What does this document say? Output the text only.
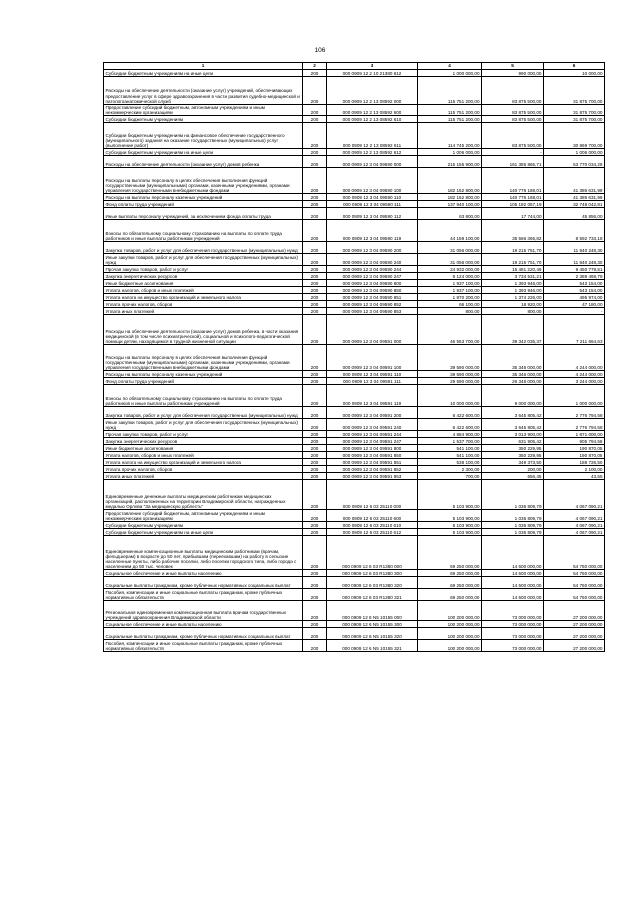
106
1	2	3	4	5	6
Субсидии бюджетным учреждениям на иные цели	200	000 0909 12 2 10 21380 612	1 000 000,00	990 000,00	10 000,00
Расходы на обеспечение деятельности (оказание услуг) учреждений, обеспечивающих предоставление услуг в сфере здравоохранения в части развития судебно-медицинской и патологоанатомической служб	200	000 0909 12 2 13 08592 000	115 751 200,00	83 875 500,00	31 875 700,00
Предоставление субсидий бюджетным, автономным учреждениям и иным некоммерческим организациям	200	000 0909 12 2 13 08592 600	115 751 200,00	83 875 500,00	31 875 700,00
Субсидии бюджетным учреждениям	200	000 0909 12 2 13 08592 610	115 751 200,00	83 875 500,00	31 875 700,00
Субсидии бюджетным учреждениям на финансовое обеспечение государственного (муниципального) задания на оказание государственных (муниципальных) услуг (выполнение работ)	200	000 0909 12 2 13 08592 611	114 745 200,00	83 875 500,00	30 869 700,00
Субсидии бюджетным учреждениям на иные цели	200	000 0909 12 2 13 08592 612	1 006 000,00	-	1 006 000,00
Расходы на обеспечение деятельности (оказание услуг) домов ребенка	200	000 0909 12 3 04 09590 000	215 155 900,00	161 385 865,71	53 770 034,29
Расходы на выплаты персоналу в целях обеспечения выполнения функций государственными (муниципальными) органами, казенными учреждениями, органами управления государственными внебюджетными фондами	200	000 0909 12 3 04 09590 100	182 162 800,00	140 776 168,01	41 386 631,99
Расходы на выплаты персоналу казенных учреждений	200	000 0909 12 3 04 09590 110	182 162 800,00	140 776 168,01	41 386 631,99
Фонд оплаты труда учреждений	200	000 0909 12 3 04 09590 111	137 940 100,00	105 192 057,19	32 748 042,81
Иные выплаты персоналу учреждений, за исключением фонда оплаты труда	200	000 0909 12 3 04 09590 112	63 800,00	17 744,00	45 856,00
Взносы по обязательному социальному страхованию на выплаты по оплате труда работников и иные выплаты работникам учреждений	200	000 0909 12 3 04 09590 119	44 159 100,00	35 566 366,82	8 592 733,18
Закупка товаров, работ и услуг для обеспечения государственных (муниципальных) нужд	200	000 0909 12 3 04 09590 200	31 056 000,00	19 215 751,70	11 840 248,30
Иные закупки товаров, работ и услуг для обеспечения государственных (муниципальных) нужд	200	000 0909 12 3 04 09590 240	31 056 000,00	19 215 751,70	11 840 248,30
Прочая закупка товаров, работ и услуг	200	000 0909 12 3 04 09590 244	24 932 000,00	15 481 220,49	9 450 779,51
Закупка энергетических ресурсов	200	000 0909 12 3 04 09590 247	6 124 000,00	3 734 531,21	2 389 468,79
Иные бюджетные ассигнования	200	000 0909 12 3 04 09590 800	1 937 100,00	1 393 946,00	543 154,00
Уплата налогов, сборов и иных платежей	200	000 0909 12 3 04 09590 850	1 937 100,00	1 393 946,00	543 154,00
Уплата налога на имущество организаций и земельного налога	200	000 0909 12 3 04 09590 851	1 870 200,00	1 374 226,00	495 974,00
Уплата прочих налогов, сборов	200	000 0909 12 3 04 09590 852	66 100,00	18 920,00	47 180,00
Уплата иных платежей	200	000 0909 12 3 04 09590 853	800,00	800,00	-
Расходы на обеспечение деятельности (оказание услуг) домов ребенка, в части оказания медицинской (в том числе психиатрической), социальной и психолого-педагогической помощи детям, находящимся в трудной жизненной ситуации	200	000 0909 12 3 04 09591 000	46 553 700,00	39 342 035,37	7 211 664,63
Расходы на выплаты персоналу в целях обеспечения выполнения функций государственными (муниципальными) органами, казенными учреждениями, органами управления государственными внебюджетными фондами	200	000 0909 12 3 04 09591 100	39 590 000,00	35 346 000,00	4 244 000,00
Расходы на выплаты персоналу казенных учреждений	200	000 0909 12 3 04 09591 110	39 590 000,00	35 346 000,00	4 244 000,00
Фонд оплаты труда учреждений	200	000 0909 12 3 04 09591 111	29 590 000,00	26 346 000,00	3 244 000,00
Взносы по обязательному социальному страхованию на выплаты по оплате труда работников и иные выплаты работникам учреждений	200	000 0909 12 3 04 09591 119	10 000 000,00	9 000 000,00	1 000 000,00
Закупка товаров, работ и услуг для обеспечения государственных (муниципальных) нужд	200	000 0909 12 3 04 09591 200	6 422 600,00	3 645 805,42	2 776 794,58
Иные закупки товаров, работ и услуг для обеспечения государственных (муниципальных) нужд	200	000 0909 12 3 04 09591 240	6 422 600,00	3 645 805,42	2 776 794,58
Прочая закупка товаров, работ и услуг	200	000 0909 12 3 04 09591 244	4 884 900,00	3 013 900,00	1 871 000,00
Закупка энергетических ресурсов	200	000 0909 12 3 04 09591 247	1 537 700,00	631 905,42	905 794,58
Иные бюджетные ассигнования	200	000 0909 12 3 04 09591 800	541 100,00	350 229,95	190 870,05
Уплата налогов, сборов и иных платежей	200	000 0909 12 3 04 09591 850	541 100,00	350 229,95	190 870,05
Уплата налога на имущество организаций и земельного налога	200	000 0909 12 3 04 09591 851	538 100,00	349 373,50	188 726,50
Уплата прочих налогов, сборов	200	000 0909 12 3 04 09591 852	2 300,00	200,00	2 100,00
Уплата иных платежей	200	000 0909 12 3 04 09591 853	700,00	656,45	43,55
Единовременные денежные выплаты медицинским работникам медицинских организаций, расположенных на территории Владимирской области, награжденных медалью Орлова "За медицинскую доблесть"	200	000 0909 12 6 03 25110 000	5 103 900,00	1 036 809,79	4 067 090,21
Предоставление субсидий бюджетным, автономным учреждениям и иным некоммерческим организациям	200	000 0909 12 6 03 25110 600	5 103 900,00	1 036 809,79	4 067 090,21
Субсидии бюджетным учреждениям	200	000 0909 12 6 03 25110 610	5 103 900,00	1 036 809,79	4 067 090,21
Субсидии бюджетным учреждениям на иные цели	200	000 0909 12 6 03 25110 612	5 103 900,00	1 036 809,79	4 067 090,21
Единовременные компенсационные выплаты медицинским работникам (врачам, фельдшерам) в возрасте до 50 лет, прибывшим (переехавшим) на работу в сельские населенные пункты, либо рабочие поселки, либо поселки городского типа, либо города с населением до 50 тыс. человек	200	000 0909 12 6 03 R1380 000	69 250 000,00	14 500 000,00	54 750 000,00
Социальное обеспечение и иные выплаты населению	200	000 0909 12 6 03 R1380 300	69 250 000,00	14 500 000,00	54 750 000,00
Социальные выплаты гражданам, кроме публичных нормативных социальных выплат	200	000 0909 12 6 03 R1380 320	69 250 000,00	14 500 000,00	54 750 000,00
Пособия, компенсации и иные социальные выплаты гражданам, кроме публичных нормативных обязательств	200	000 0909 12 6 03 R1380 321	69 250 000,00	14 500 000,00	54 750 000,00
Региональная единовременная компенсационная выплата врачам государственных учреждений здравоохранения Владимирской области	200	000 0909 12 6 N5 10155 000	100 200 000,00	73 000 000,00	27 200 000,00
Социальное обеспечение и иные выплаты населению	200	000 0909 12 6 N5 10155 300	100 200 000,00	73 000 000,00	27 200 000,00
Социальные выплаты гражданам, кроме публичных нормативных социальных выплат	200	000 0909 12 6 N5 10155 320	100 200 000,00	73 000 000,00	27 200 000,00
Пособия, компенсации и иные социальные выплаты гражданам, кроме публичных нормативных обязательств	200	000 0909 12 6 N5 10155 321	100 200 000,00	73 000 000,00	27 200 000,00
